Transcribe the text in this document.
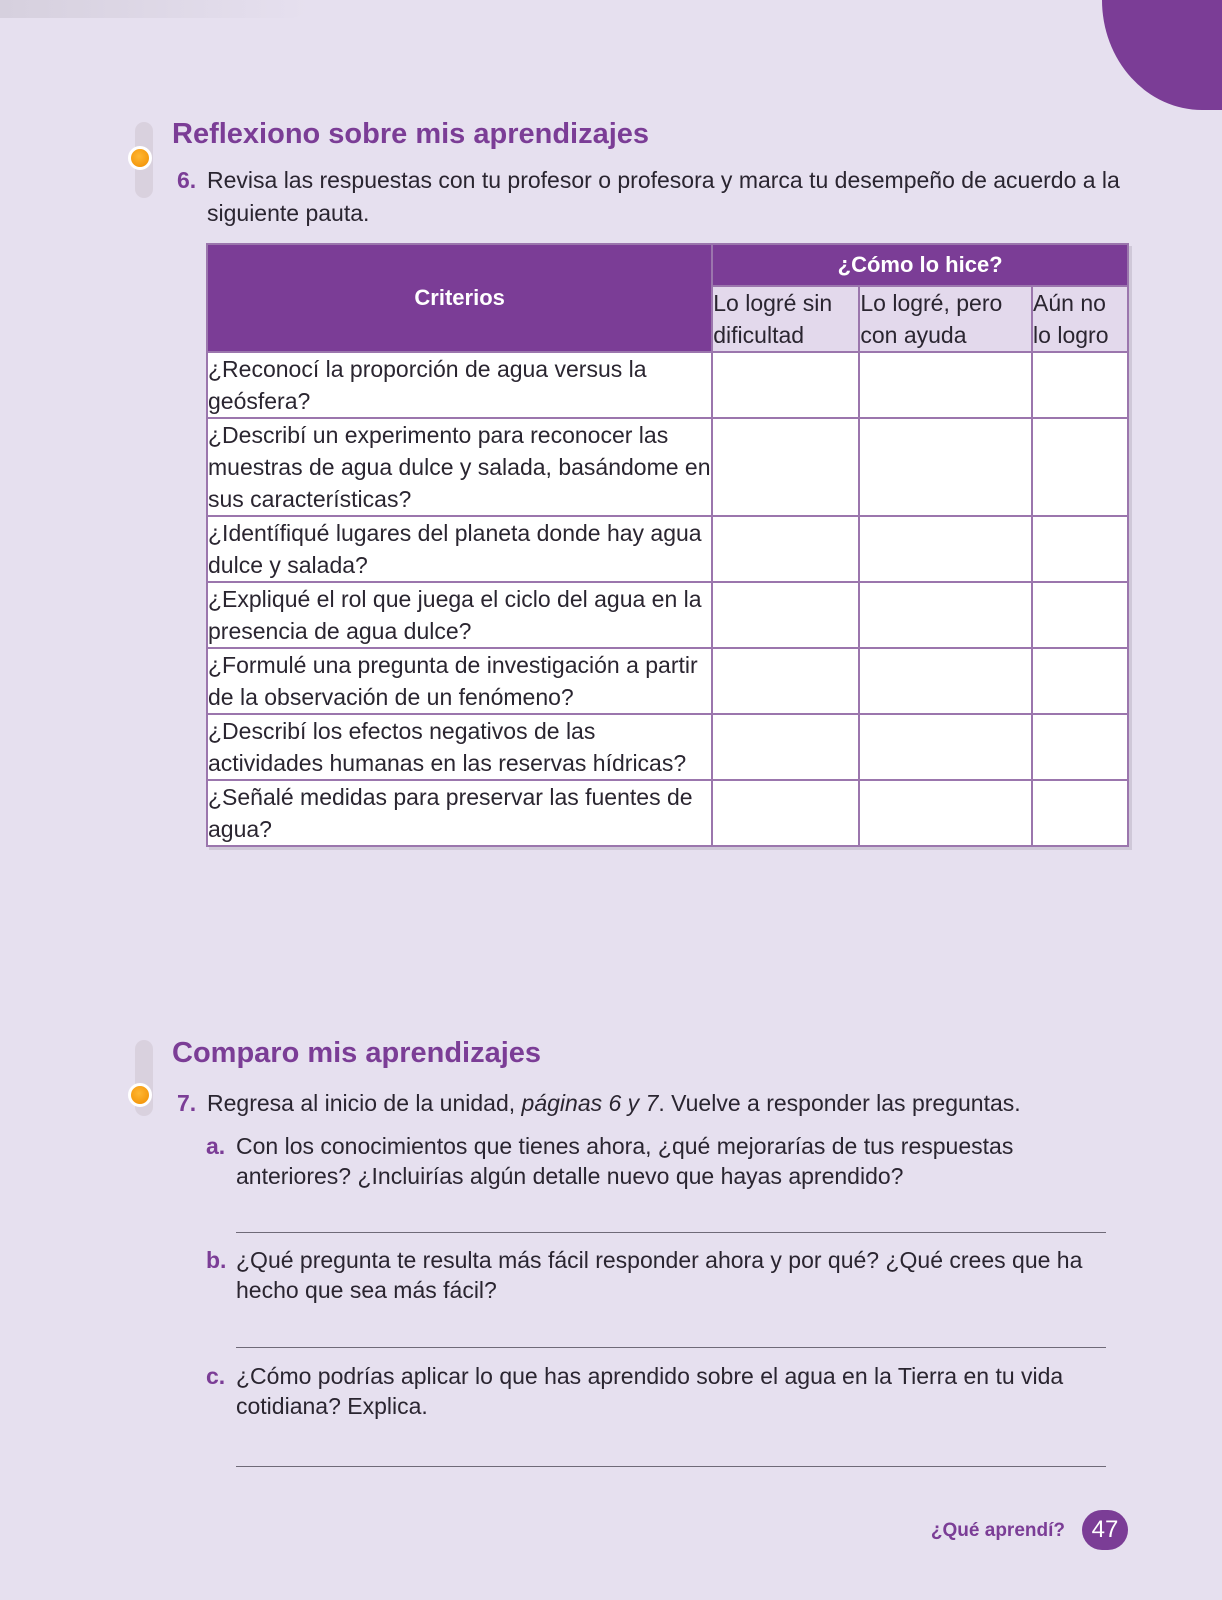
Reflexiono sobre mis aprendizajes
6. Revisa las respuestas con tu profesor o profesora y marca tu desempeño de acuerdo a la siguiente pauta.
Criterios	¿Cómo lo hice?		
	Lo logré sin dificultad	Lo logré, pero con ayuda	Aún no lo logro
¿Reconocí la proporción de agua versus la geósfera?			
¿Describí un experimento para reconocer las muestras de agua dulce y salada, basándome en sus características?			
¿Identífiqué lugares del planeta donde hay agua dulce y salada?			
¿Expliqué el rol que juega el ciclo del agua en la presencia de agua dulce?			
¿Formulé una pregunta de investigación a partir de la observación de un fenómeno?			
¿Describí los efectos negativos de las actividades humanas en las reservas hídricas?			
¿Señalé medidas para preservar las fuentes de agua?			
Comparo mis aprendizajes
7. Regresa al inicio de la unidad, páginas 6 y 7. Vuelve a responder las preguntas.
a. Con los conocimientos que tienes ahora, ¿qué mejorarías de tus respuestas anteriores? ¿Incluirías algún detalle nuevo que hayas aprendido?
b. ¿Qué pregunta te resulta más fácil responder ahora y por qué? ¿Qué crees que ha hecho que sea más fácil?
c. ¿Cómo podrías aplicar lo que has aprendido sobre el agua en la Tierra en tu vida cotidiana? Explica.
¿Qué aprendí?	47
